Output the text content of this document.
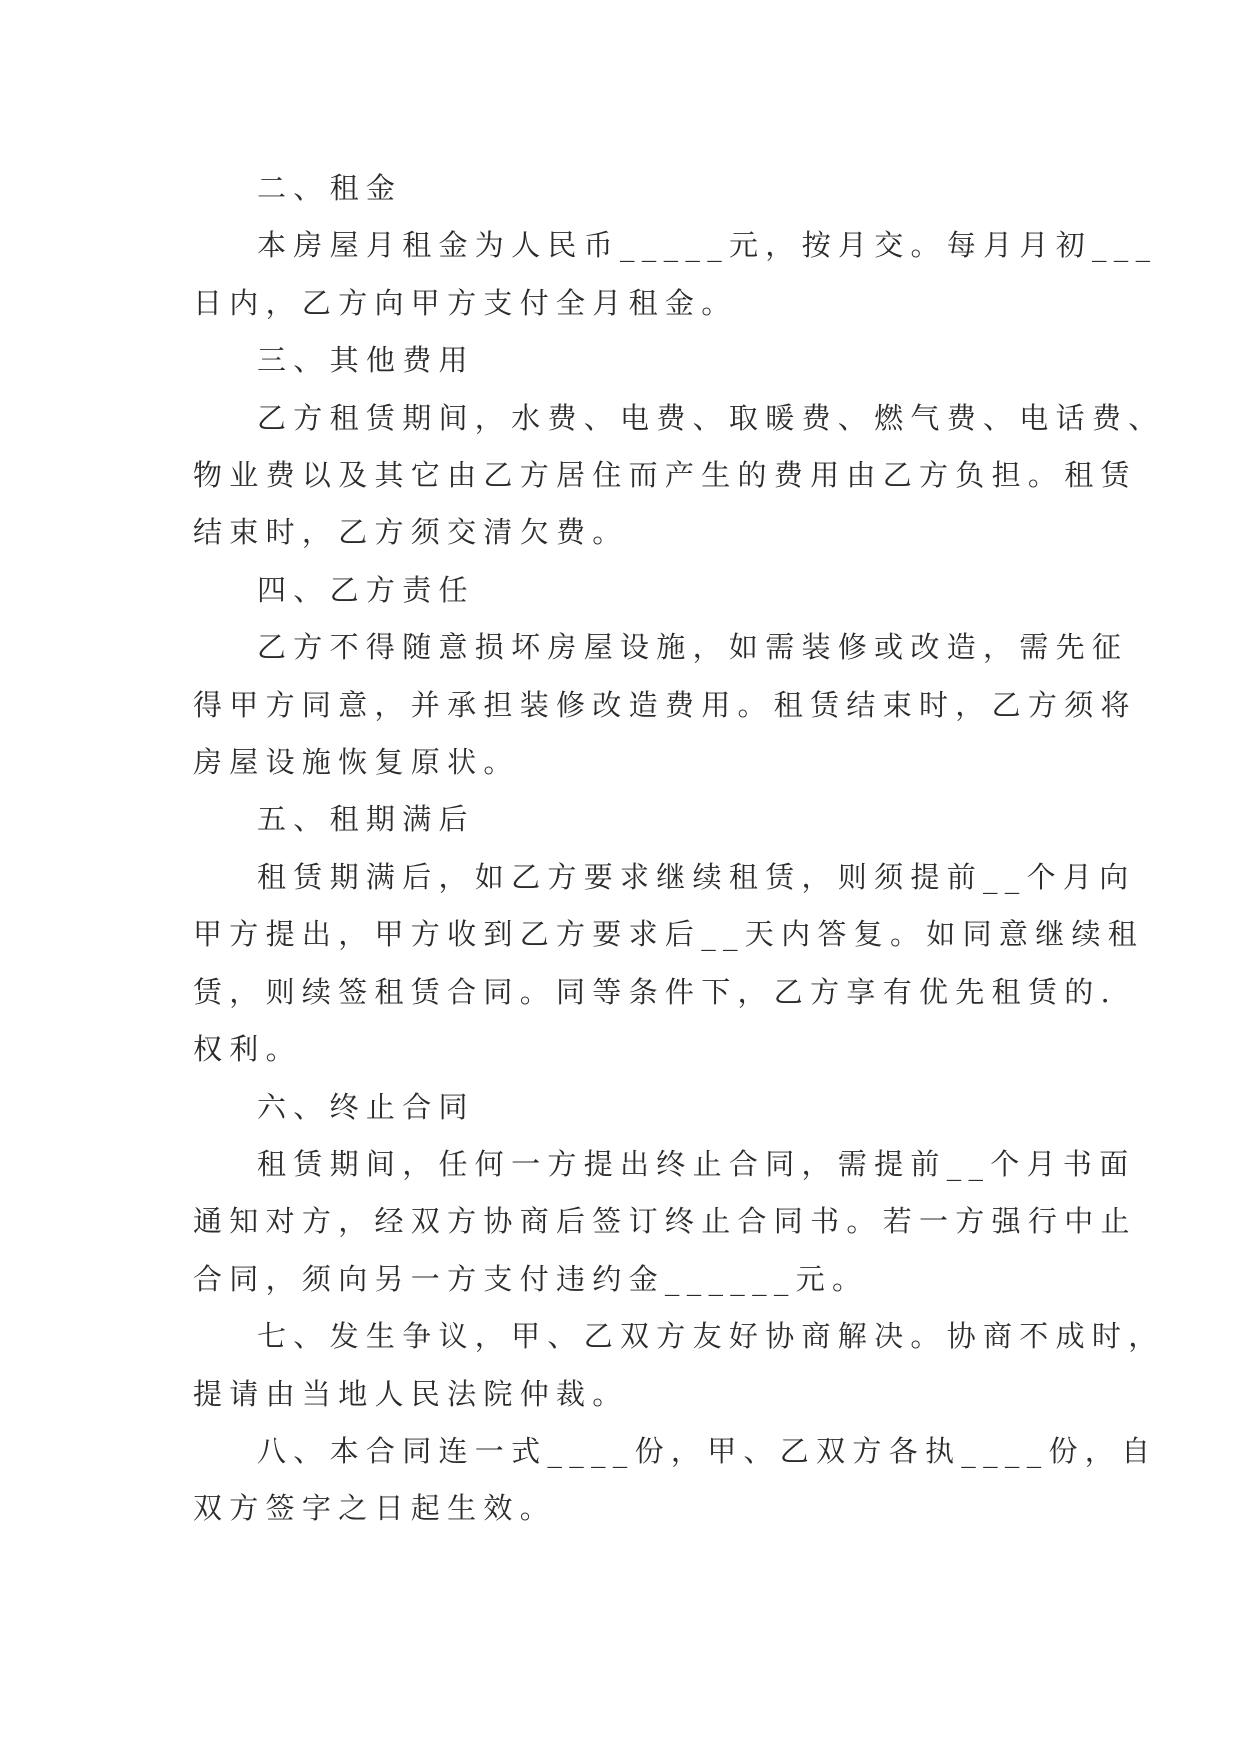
二、租金
本房屋月租金为人民币_____元，按月交。每月月初___
日内，乙方向甲方支付全月租金。
三、其他费用
乙方租赁期间，水费、电费、取暖费、燃气费、电话费、
物业费以及其它由乙方居住而产生的费用由乙方负担。租赁
结束时，乙方须交清欠费。
四、乙方责任
乙方不得随意损坏房屋设施，如需装修或改造，需先征
得甲方同意，并承担装修改造费用。租赁结束时，乙方须将
房屋设施恢复原状。
五、租期满后
租赁期满后，如乙方要求继续租赁，则须提前__个月向
甲方提出，甲方收到乙方要求后__天内答复。如同意继续租
赁，则续签租赁合同。同等条件下，乙方享有优先租赁的.
权利。
六、终止合同
租赁期间，任何一方提出终止合同，需提前__个月书面
通知对方，经双方协商后签订终止合同书。若一方强行中止
合同，须向另一方支付违约金______元。
七、发生争议，甲、乙双方友好协商解决。协商不成时，
提请由当地人民法院仲裁。
八、本合同连一式____份，甲、乙双方各执____份，自
双方签字之日起生效。
